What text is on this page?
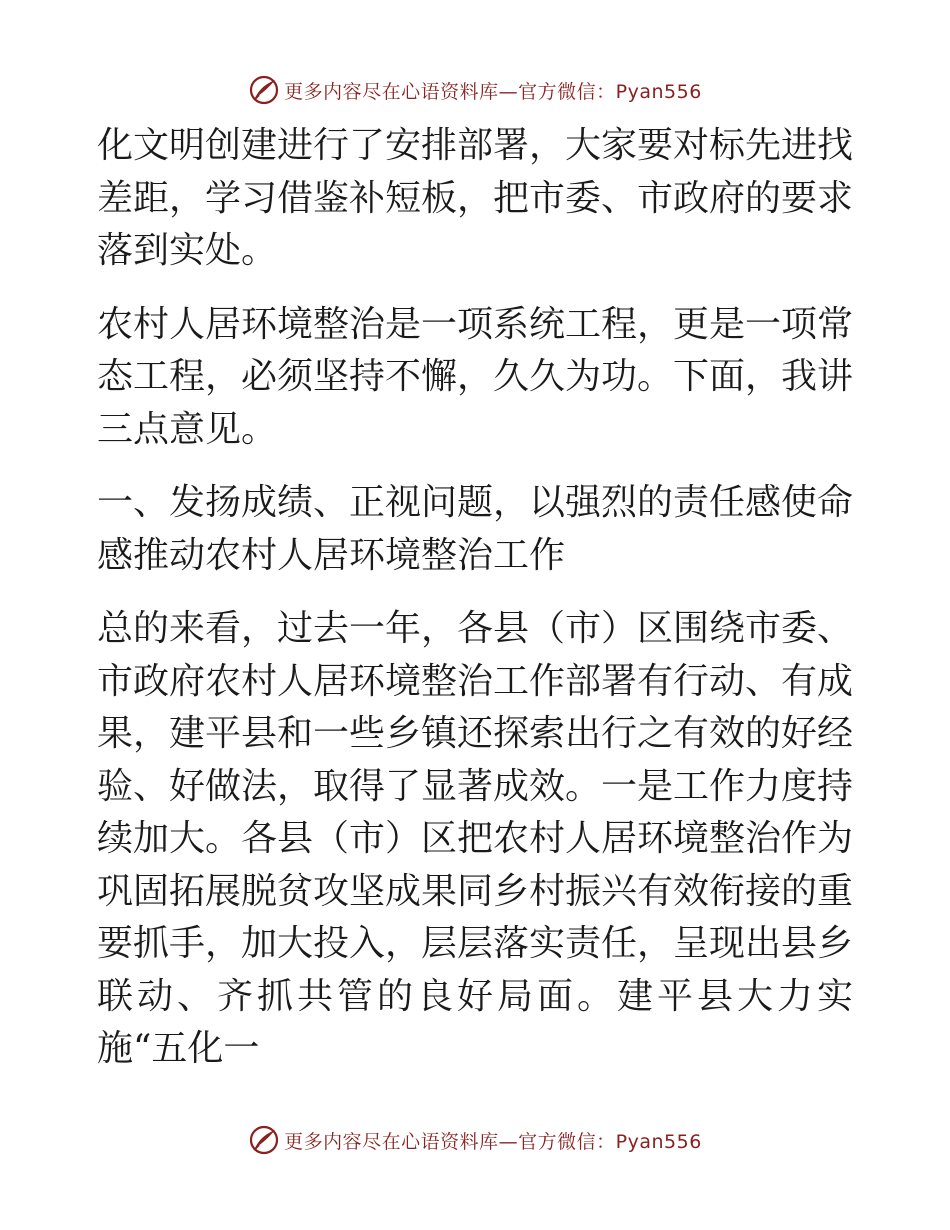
更多内容尽在心语资料库—官方微信：Pyan556

化文明创建进行了安排部署，大家要对标先进找差距，学习借鉴补短板，把市委、市政府的要求落到实处。

农村人居环境整治是一项系统工程，更是一项常态工程，必须坚持不懈，久久为功。下面，我讲三点意见。

一、发扬成绩、正视问题，以强烈的责任感使命感推动农村人居环境整治工作

总的来看，过去一年，各县（市）区围绕市委、市政府农村人居环境整治工作部署有行动、有成果，建平县和一些乡镇还探索出行之有效的好经验、好做法，取得了显著成效。一是工作力度持续加大。各县（市）区把农村人居环境整治作为巩固拓展脱贫攻坚成果同乡村振兴有效衔接的重要抓手，加大投入，层层落实责任，呈现出县乡联动、齐抓共管的良好局面。建平县大力实施“五化一

更多内容尽在心语资料库—官方微信：Pyan556
